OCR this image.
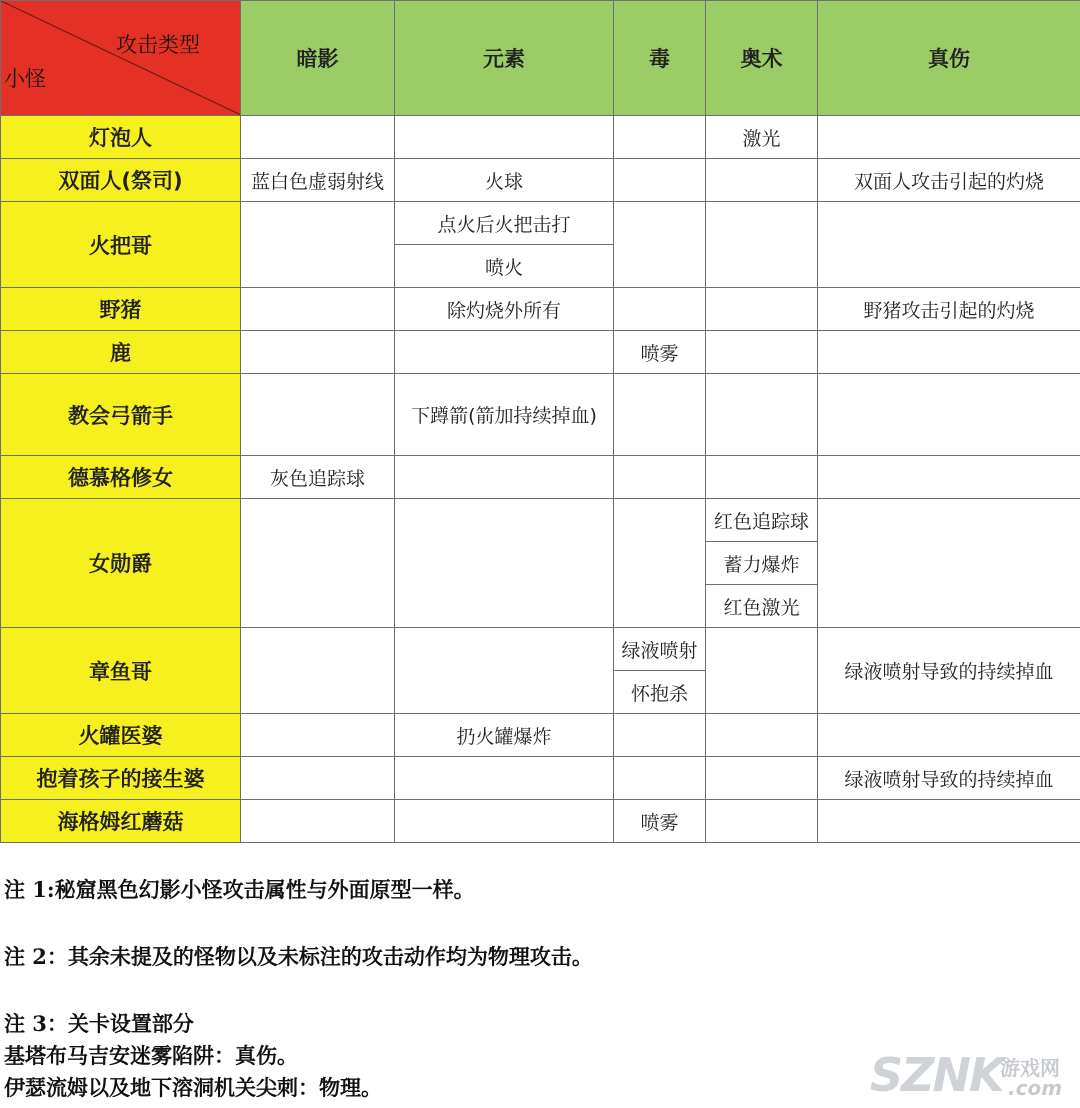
攻击类型
小怪	暗影	元素	毒	奥术	真伤
灯泡人				激光	
双面人(祭司)	蓝白色虚弱射线	火球			双面人攻击引起的灼烧
火把哥		点火后火把击打			
		喷火			
野猪		除灼烧外所有			野猪攻击引起的灼烧
鹿			喷雾		
教会弓箭手		下蹲箭(箭加持续掉血)			
德慕格修女	灰色追踪球				
女勋爵				红色追踪球	
				蓄力爆炸	
				红色激光	
章鱼哥			绿液喷射		绿液喷射导致的持续掉血
			怀抱杀		
火罐医婆		扔火罐爆炸			
抱着孩子的接生婆					绿液喷射导致的持续掉血
海格姆红蘑菇			喷雾		

注 1:秘窟黑色幻影小怪攻击属性与外面原型一样。

注 2：其余未提及的怪物以及未标注的攻击动作均为物理攻击。

注 3：关卡设置部分

基塔布马吉安迷雾陷阱：真伤。

伊瑟流姆以及地下溶洞机关尖刺：物理。	SZNK
游戏网
.com
